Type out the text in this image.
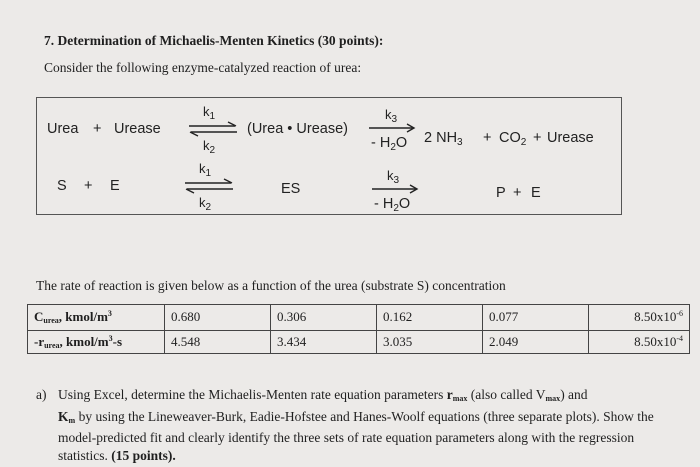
7. Determination of Michaelis-Menten Kinetics (30 points):
Consider the following enzyme-catalyzed reaction of urea:
Urea + Urease
$k_1$
$k_2$
(Urea • Urease)
$k_3$
- $H_2O$ 2 $NH_3 + CO_2$ + Urease
S + E
$k_1$
$k_2$
ES
$k_3$
- $H_2O$
P + E
The rate of reaction is given below as a function of the urea (substrate S) concentration
Curea, kmol/$m^3$	0.680	0.306	0.162	0.077	$8.50x10^{-6}$
-rurea, kmol/$m^3-s$	4.548	3.434	3.035	2.049	$8.50x10^{-4}$
a) Using Excel, determine the Michaelis-Menten rate equation parameters rmax (also called Vmax) and
Km by using the Lineweaver-Burk, Eadie-Hofstee and Hanes-Woolf equations (three separate plots). Show the model-predicted fit and clearly identify the three sets of rate equation parameters along with the regression statistics. (15 points).
